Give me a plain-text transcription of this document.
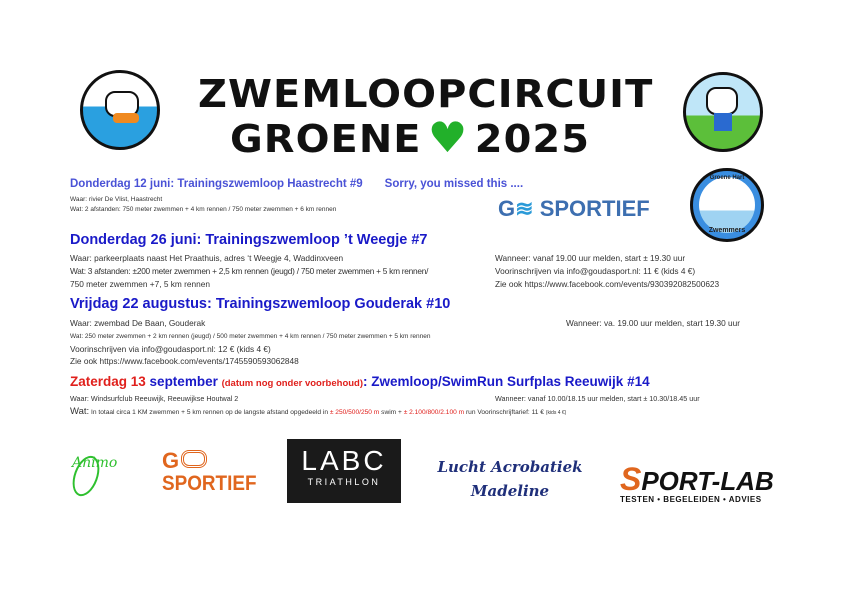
ZWEMLOOPCIRCUIT
GROENE ♥ 2025
Donderdag 12 juni: Trainingszwemloop Haastrecht #9 Sorry, you missed this ....
Waar: rivier De Vlist, Haastrecht
Wat: 2 afstanden: 750 meter zwemmen + 4 km rennen / 750 meter zwemmen + 6 km rennen	G≋ SPORTIEF
Groene Hart
Zwemmers
Donderdag 26 juni: Trainingszwemloop ’t Weegje #7
Waar: parkeerplaats naast Het Praathuis, adres ‘t Weegje 4, Waddinxveen
Wat: 3 afstanden: ±200 meter zwemmen + 2,5 km rennen (jeugd) / 750 meter zwemmen + 5 km rennen/
750 meter zwemmen +7, 5 km rennen
Wanneer: vanaf 19.00 uur melden, start ± 19.30 uur
Voorinschrijven via info@goudasport.nl: 11 € (kids 4 €)
Zie ook https://www.facebook.com/events/930392082500623
Vrijdag 22 augustus: Trainingszwemloop Gouderak #10
Waar: zwembad De Baan, Gouderak	Wanneer: va. 19.00 uur melden, start 19.30 uur
Wat: 250 meter zwemmen + 2 km rennen (jeugd) / 500 meter zwemmen + 4 km rennen / 750 meter zwemmen + 5 km rennen
Voorinschrijven via info@goudasport.nl: 12 € (kids 4 €)
Zie ook https://www.facebook.com/events/1745590593062848
Zaterdag 13 september (datum nog onder voorbehoud): Zwemloop/SwimRun Surfplas Reeuwijk #14
Waar: Windsurfclub Reeuwijk, Reeuwijkse Houtwal 2	Wanneer: vanaf 10.00/18.15 uur melden, start ± 10.30/18.45 uur
Wat: In totaal circa 1 KM zwemmen + 5 km rennen op de langste afstand opgedeeld in ± 250/500/250 m swim + ± 2.100/800/2.100 m run Voorinschrijftarief: 11 € (kids 4 €)
Animo	G
SPORTIEF
LABC
TRIATHLON
Lucht Acrobatiek
Madeline	SPORT-LAB
TESTEN • BEGELEIDEN • ADVIES
